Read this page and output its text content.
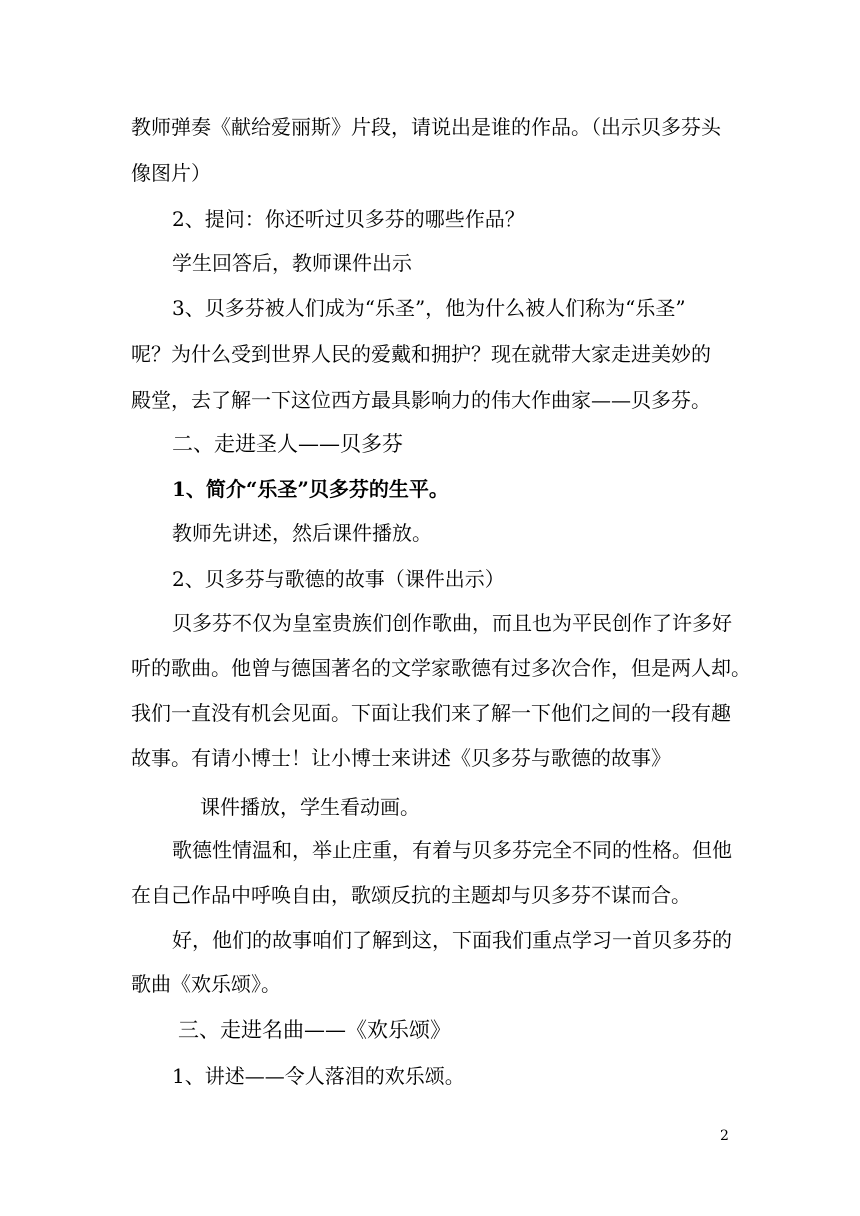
教师弹奏《献给爱丽斯》片段，请说出是谁的作品。（出示贝多芬头
像图片）
2、提问：你还听过贝多芬的哪些作品？
学生回答后，教师课件出示
3、贝多芬被人们成为“乐圣”，他为什么被人们称为“乐圣”
呢？为什么受到世界人民的爱戴和拥护？现在就带大家走进美妙的
殿堂，去了解一下这位西方最具影响力的伟大作曲家——贝多芬。
二、走进圣人——贝多芬
1、简介“乐圣”贝多芬的生平。
教师先讲述，然后课件播放。
2、贝多芬与歌德的故事（课件出示）
贝多芬不仅为皇室贵族们创作歌曲，而且也为平民创作了许多好
听的歌曲。他曾与德国著名的文学家歌德有过多次合作，但是两人却。
我们一直没有机会见面。下面让我们来了解一下他们之间的一段有趣
故事。有请小博士！让小博士来讲述《贝多芬与歌德的故事》
课件播放，学生看动画。
歌德性情温和，举止庄重，有着与贝多芬完全不同的性格。但他
在自己作品中呼唤自由，歌颂反抗的主题却与贝多芬不谋而合。
好，他们的故事咱们了解到这，下面我们重点学习一首贝多芬的
歌曲《欢乐颂》。
三、走进名曲——《欢乐颂》
1、讲述——令人落泪的欢乐颂。
2
